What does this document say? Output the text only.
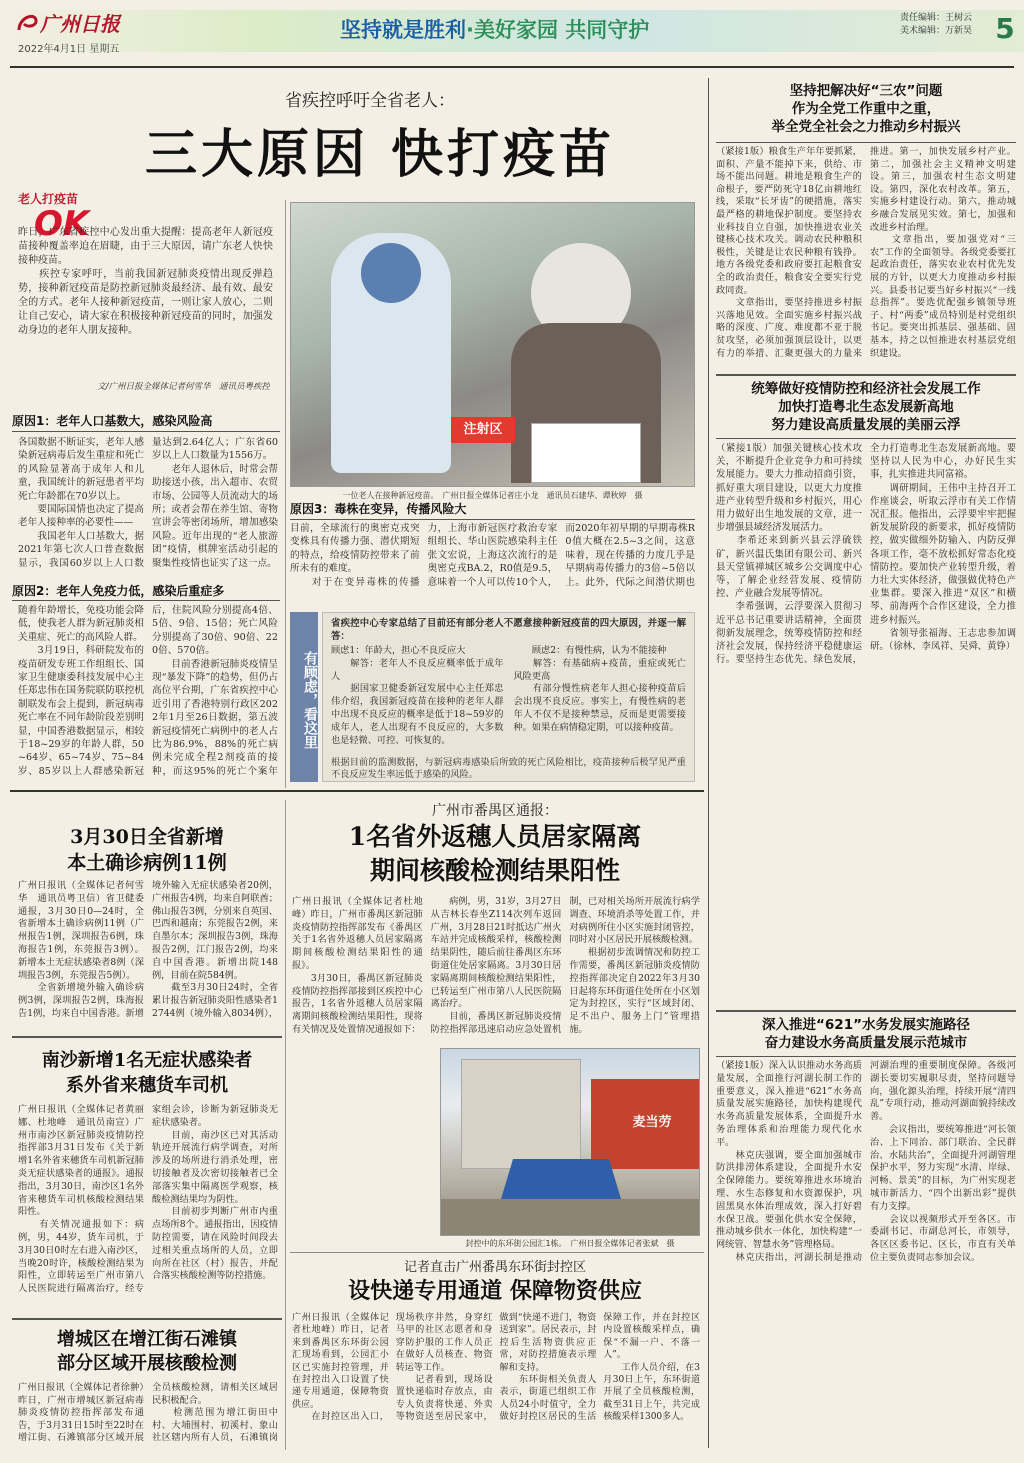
广州日报
2022年4月1日 星期五
坚持就是胜利·美好家园 共同守护	责任编辑：王树云
美术编辑：万新昊 5
省疾控呼吁全省老人：
三大原因 快打疫苗
老人打疫苗
OK
昨日，广东省疾控中心发出重大提醒：提高老年人新冠疫苗接种覆盖率迫在眉睫，由于三大原因，请广东老人快快接种疫苗。
　　疾控专家呼吁，当前我国新冠肺炎疫情出现反弹趋势，接种新冠疫苗是防控新冠肺炎最经济、最有效、最安全的方式。老年人接种新冠疫苗，一则让家人放心，二则让自己安心，请大家在积极接种新冠疫苗的同时，加强发动身边的老年人朋友接种。
文/广州日报全媒体记者何雪华　通讯员粤疾控
注射区
一位老人在接种新冠疫苗。　广州日报全媒体记者庄小龙　通讯员石建华、谭秋婷　摄
原因1：老年人口基数大，感染风险高
各国数据不断证实，老年人感染新冠病毒后发生重症和死亡的风险显著高于成年人和儿童，我国统计的新冠患者平均死亡年龄都在70岁以上。
　　要国际国情也决定了提高老年人接种率的必要性——
　　我国老年人口基数大，据2021年第七次人口普查数据显示，我国60岁以上人口数量达到2.64亿人；广东省60岁以上人口数量为1556万。
　　老年人退休后，时常会帮助接送小孩，出入超市、农贸市场、公园等人员流动大的场所；或者会帮在养生馆、寄物宣讲会等密闭场所，增加感染风险。近年出现的“老人旅游团”疫情，棋牌室活动引起的聚集性疫情也证实了这一点。
原因2：老年人免疫力低，感染后重症多
随着年龄增长，免疫功能会降低，使我老人群为新冠肺炎相关重症、死亡的高风险人群。
　　3月19日，科研院发布的疫苗研发专班工作组组长、国家卫生健康委科技发展中心主任郑忠伟在国务院联防联控机制联发布会上提到，新冠病毒死亡率在不同年龄阶段差别明显，中国香港数据显示，相较于18~29岁的年龄人群，50~64岁、65~74岁、75~84岁、85岁以上人群感染新冠后，住院风险分别提高4倍、5倍、9倍、15倍；死亡风险分别提高了30倍、90倍、220倍、570倍。
　　目前香港新冠肺炎疫情呈现“暴发下降”的趋势，但仍占高位平台期，广东省疾控中心近引用了香港特别行政区2022年1月至26日数据，第五波新冠疫情死亡病例中的老人占比为86.9%，88%的死亡病例未完成全程2剂疫苗的接种，而这95%的死亡个案年
原因3：毒株在变异，传播风险大
目前，全球流行的奥密克戎突变株具有传播力强、潜伏期短的特点，给疫情防控带来了前所未有的难度。
　　对于在变异毒株的传播力，上海市新冠医疗救治专家组组长、华山医院感染科主任张文宏说，上海这次流行的是奥密克戎BA.2，R0值是9.5，意味着一个人可以传10个人，而2020年初早期的早期毒株R0值大概在2.5~3之间，这意味着，现在传播的力度几乎是早期病毒传播力的3倍~5倍以上。此外，代际之间潜伏期也

有顾虑，看这里
省疾控中心专家总结了目前还有部分老人不愿意接种新冠疫苗的四大原因，并逐一解答：
顾虑1：年龄大，担心不良反应大
　　解答：老年人不良反应概率低于成年人
　　据国家卫健委新冠发展中心主任郑忠伟介绍，我国新冠疫苗在接种的老年人群中出现不良反应的概率是低于18~59岁的成年人，老人出现有不良反应的，大多数也是轻微、可控、可恢复的。
　　顾虑2：有慢性病，认为不能接种
　　解答：有基础病+疫苗，重症或死亡风险更高
　　有部分慢性病老年人担心接种疫苗后会出现不良反应。事实上，有慢性病的老年人不仅不是接种禁忌，反而是更需要接种。如果在病情稳定期，可以接种疫苗。
根据目前的监测数据，与新冠病毒感染后所致的死亡风险相比，疫苗接种后极罕见严重不良反应发生率远低于感染的风险。
坚持把解决好“三农”问题
作为全党工作重中之重，
举全党全社会之力推动乡村振兴
（紧接1版）粮食生产年年要抓紧，面积、产量不能掉下来，供给、市场不能出问题。耕地是粮食生产的命根子，要严防死守18亿亩耕地红线，采取“长牙齿”的硬措施，落实最严格的耕地保护制度。要坚持农业科技自立自强，加快推进农业关键核心技术攻关。调动农民种粮积极性，关键是让农民种粮有钱挣。地方各级党委和政府要扛起粮食安全的政治责任，粮食安全要实行党政同责。
　　文章指出，要坚持推进乡村振兴落地见效。全面实施乡村振兴战略的深度、广度、难度都不亚于脱贫攻坚，必须加强顶层设计，以更有力的举措、汇聚更强大的力量来推进。第一，加快发展乡村产业。第二，加强社会主义精神文明建设。第三，加强农村生态文明建设。第四，深化农村改革。第五，实施乡村建设行动。第六，推动城乡融合发展见实效。第七，加强和改进乡村治理。
　　文章指出，要加强党对“三农”工作的全面领导。各级党委要扛起政治责任，落实农业农村优先发展的方针，以更大力度推动乡村振兴。县委书记要当好乡村振兴“一线总指挥”。要选优配强乡镇领导班子、村“两委”成员特别是村党组织书记。要突出抓基层、强基础、固基本，持之以恒推进农村基层党组织建设。
统筹做好疫情防控和经济社会发展工作
加快打造粤北生态发展新高地
努力建设高质量发展的美丽云浮
（紧接1版）加强关键核心技术攻关，不断提升企业竞争力和可持续发展能力。要大力推动招商引资，抓好重大项目建设，以更大力度推进产业转型升级和乡村振兴，用心用力做好出生地发展的文章，进一步增强县域经济发展活力。
　　李希还来到新兴县云浮硫铁矿，新兴温氏集团有限公司、新兴县天堂镇禅城区城乡公交调度中心等，了解企业经营发展、疫情防控、产业融合发展等情况。
　　李希强调，云浮要深入贯彻习近平总书记重要讲话精神，全面贯彻新发展理念，统筹疫情防控和经济社会发展，保持经济平稳健康运行。要坚持生态优先、绿色发展，全力打造粤北生态发展新高地。要坚持以人民为中心，办好民生实事，扎实推进共同富裕。
　　调研期间，王伟中主持召开工作座谈会，听取云浮市有关工作情况汇报。他指出，云浮要牢牢把握新发展阶段的新要求，抓好疫情防控，做实做细外防输入、内防反弹各项工作，毫不放松抓好常态化疫情防控。要加快产业转型升级，着力壮大实体经济，做强做优特色产业集群。要深入推进“双区”和横琴、前海两个合作区建设，全力推进乡村振兴。
　　省领导张福海、王志忠参加调研。（徐林、李凤祥、吴舜、黄铮）
深入推进“621”水务发展实施路径
奋力建设水务高质量发展示范城市
（紧接1版）深入认识推动水务高质量发展，全面推行河湖长制工作的重要意义，深入推进“621”水务高质量发展实施路径，加快构建现代水务高质量发展体系，全面提升水务治理体系和治理能力现代化水平。
　　林克庆强调，要全面加强城市防洪排涝体系建设，全面提升水安全保障能力。要统筹推进水环境治理、水生态修复和水资源保护，巩固黑臭水体治理成效，深入打好碧水保卫战。要强化供水安全保障，推动城乡供水一体化，加快构建“一网统管、智慧水务”管理格局。
　　林克庆指出，河湖长制是推动河湖治理的重要制度保障。各级河湖长要切实履职尽责，坚持问题导向，强化源头治理，持续开展“清四乱”专项行动，推动河湖面貌持续改善。
　　会议指出，要统筹推进“河长领治、上下同治、部门联治、全民群治、水陆共治”，全面提升河湖管理保护水平，努力实现“水清、岸绿、河畅、景美”的目标，为广州实现老城市新活力、“四个出新出彩”提供有力支撑。
　　会议以视频形式开至各区。市委副书记、市副总河长，市领导，各区区委书记、区长，市直有关单位主要负责同志参加会议。
3月30日全省新增
本土确诊病例11例
广州日报讯（全媒体记者何雪华　通讯员粤卫信）省卫健委通报，3月30日0—24时，全省新增本土确诊病例11例（广州报告1例，深圳报告6例，珠海报告1例，东莞报告3例）。新增本土无症状感染者8例（深圳报告3例，东莞报告5例）。
　　全省新增境外输入确诊病例3例，深圳报告2例，珠海报告1例，均来自中国香港。新增境外输入无症状感染者20例，广州报告4例，均来自阿联酋；佛山报告3例，分别来自英国、巴西和越南；东莞报告2例，来自墨尔本；深圳报告3例，珠海报告2例，江门报告2例，均来自中国香港。新增出院148例，目前在院584例。
　　截至3月30日24时，全省累计报告新冠肺炎阳性感染者12744例（境外输入8034例），
南沙新增1名无症状感染者
系外省来穗货车司机
广州日报讯（全媒体记者黄丽娜、杜地峰　通讯员南宣）广州市南沙区新冠肺炎疫情防控指挥部3月31日发布《关于新增1名外省来穗货车司机新冠肺炎无症状感染者的通报》。通报指出，3月30日，南沙区1名外省来穗货车司机核酸检测结果阳性。
　　有关情况通报如下：病例，男，44岁，货车司机，于3月30日0时左右进入南沙区，当晚20时许，核酸检测结果为阳性，立即转运至广州市第八人民医院进行隔离治疗，经专家组会诊，诊断为新冠肺炎无症状感染者。
　　目前，南沙区已对其活动轨迹开展流行病学调查，对所涉及的场所进行消杀处理，密切接触者及次密切接触者已全部落实集中隔离医学观察，核酸检测结果均为阴性。
　　目前初步判断广州市内重点场所8个。通报指出，因疫情防控需要，请在风险时间段去过相关重点场所的人员，立即向所在社区（村）报告，并配合落实核酸检测等防控措施。
增城区在增江街石滩镇
部分区域开展核酸检测
广州日报讯（全媒体记者徐翀）昨日，广州市增城区新冠病毒肺炎疫情防控指挥部发布通告，于3月31日15时至22时在增江街、石滩镇部分区域开展全员核酸检测，请相关区域居民积极配合。
　　检测范围为增江街田中村、大埔围村、初溪村、象山社区辖内所有人员，石滩镇岗
广州市番禺区通报：
1名省外返穗人员居家隔离
期间核酸检测结果阳性
广州日报讯（全媒体记者杜地峰）昨日，广州市番禺区新冠肺炎疫情防控指挥部发布《番禺区关于1名省外返穗人员居家隔离期间核酸检测结果阳性的通报》。
　　3月30日，番禺区新冠肺炎疫情防控指挥部接到区疾控中心报告，1名省外返穗人员居家隔离期间核酸检测结果阳性，现将有关情况及处置情况通报如下：
　　病例，男，31岁，3月27日从吉林长春坐Z114次列车返回广州，3月28日21时抵达广州火车站并完成核酸采样，核酸检测结果阴性，随后前往番禺区东环街道住处居家隔离。3月30日居家隔离期间核酸检测结果阳性，已转运至广州市第八人民医院隔离治疗。
　　目前，番禺区新冠肺炎疫情防控指挥部迅速启动应急处置机制，已对相关场所开展流行病学调查、环境消杀等处置工作，并对病例所住小区实施封闭管控，同时对小区居民开展核酸检测。
　　根据初步流调情况和防控工作需要，番禺区新冠肺炎疫情防控指挥部决定自2022年3月30日起将东环街道住处所在小区划定为封控区，实行“区域封闭、足不出户、服务上门”管理措施。

麦当劳
封控中的东环街公园汇1栋。　广州日报全媒体记者张斌　摄
记者直击广州番禺东环街封控区
设快递专用通道 保障物资供应
广州日报讯（全媒体记者杜地峰）昨日，记者来到番禺区东环街公园汇现场看到，公园汇小区已实施封控管理，并在封控出入口设置了快递专用通道，保障物资供应。
　　在封控区出入口，现场秩序井然，身穿红马甲的社区志愿者和身穿防护服的工作人员正在做好人员核查、物资转运等工作。
　　记者看到，现场设置快递临时存放点，由专人负责将快递、外卖等物资送至居民家中，做到“快递不进门，物资送到家”。居民表示，封控后生活物资供应正常，对防控措施表示理解和支持。
　　东环街相关负责人表示，街道已组织工作人员24小时值守，全力做好封控区居民的生活保障工作，并在封控区内设置核酸采样点，确保“不漏一户、不落一人”。
　　工作人员介绍，在3月30日上午，东环街道开展了全员核酸检测，截至31日上午，共完成核酸采样1300多人。
